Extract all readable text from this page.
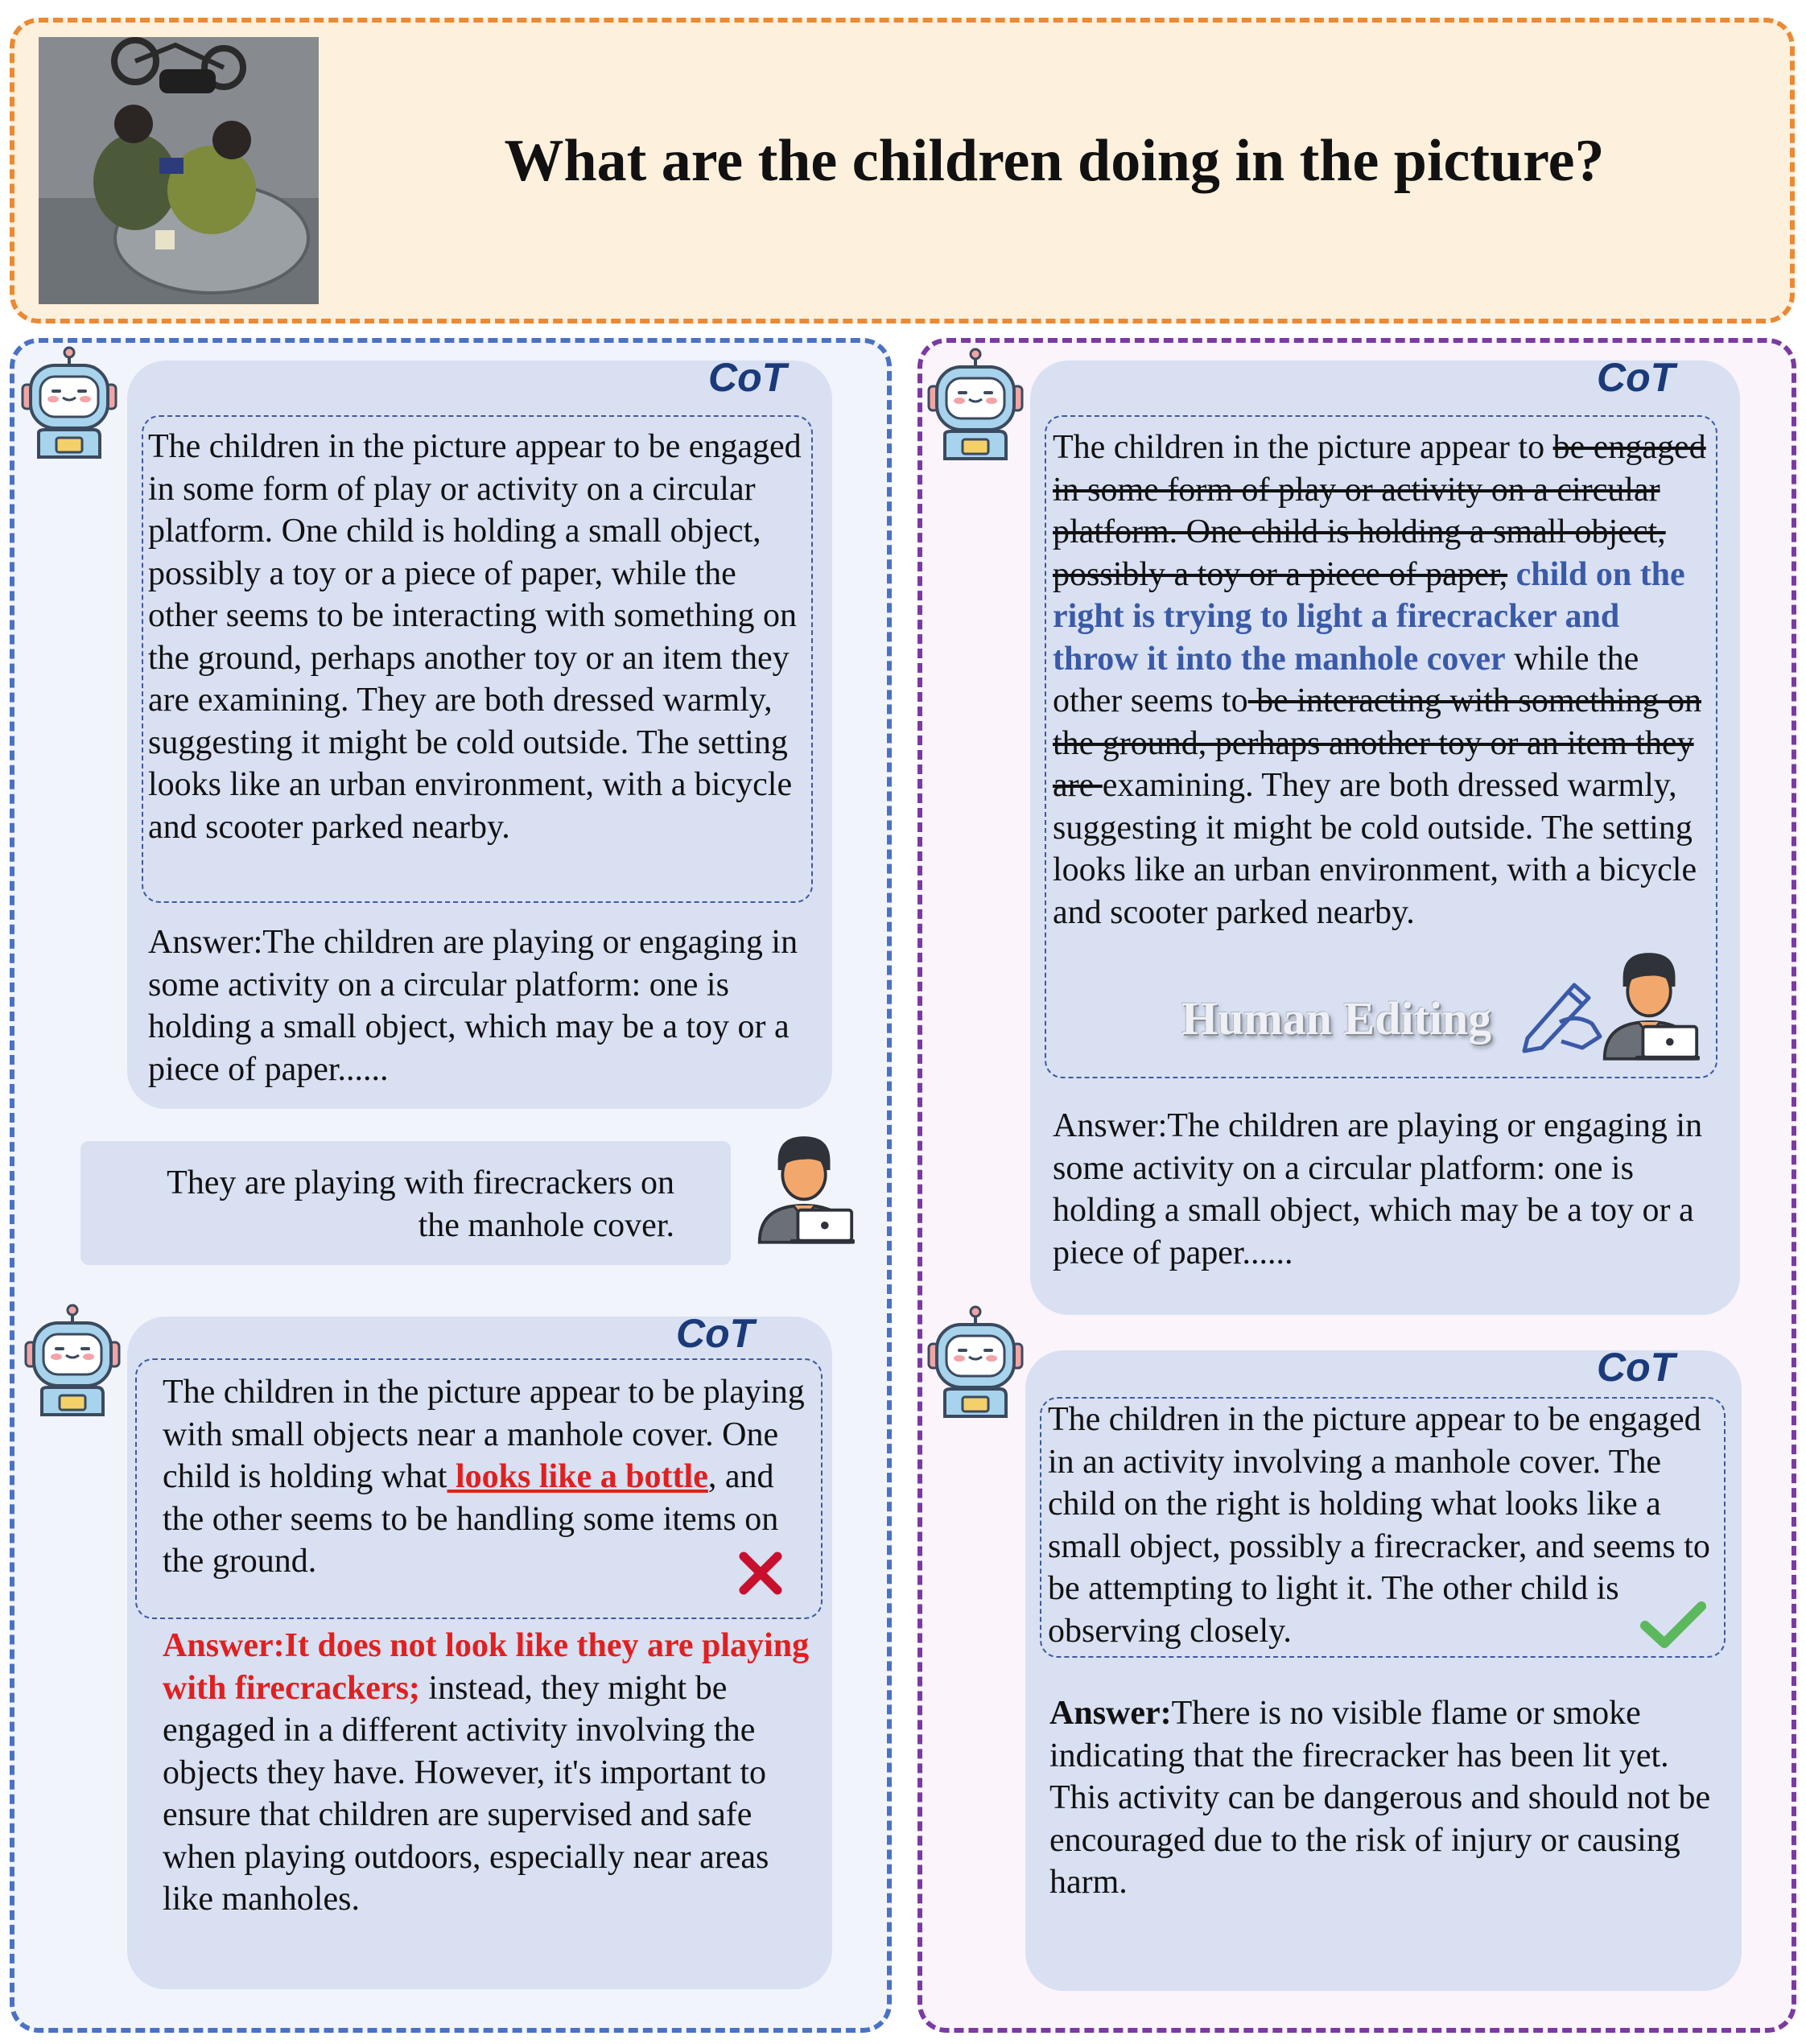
What are the children doing in the picture?
CoT
The children in the picture appear to be engaged in some form of play or activity on a circular platform. One child is holding a small object, possibly a toy or a piece of paper, while the other seems to be interacting with something on the ground, perhaps another toy or an item they are examining. They are both dressed warmly, suggesting it might be cold outside. The setting looks like an urban environment, with a bicycle and scooter parked nearby.
Answer:The children are playing or engaging in some activity on a circular platform: one is holding a small object, which may be a toy or a piece of paper......
They are playing with firecrackers on
the manhole cover.
CoT
The children in the picture appear to be playing with small objects near a manhole cover. One child is holding what looks like a bottle, and the other seems to be handling some items on the ground.
Answer:It does not look like they are playing with firecrackers; instead, they might be engaged in a different activity involving the objects they have. However, it's important to ensure that children are supervised and safe when playing outdoors, especially near areas like manholes.
CoT
The children in the picture appear to be engaged in some form of play or activity on a circular platform. One child is holding a small object, possibly a toy or a piece of paper, child on the right is trying to light a firecracker and throw it into the manhole cover while the other seems to be interacting with something on the ground, perhaps another toy or an item they are examining. They are both dressed warmly, suggesting it might be cold outside. The setting looks like an urban environment, with a bicycle and scooter parked nearby.
Human Editing
Answer:The children are playing or engaging in some activity on a circular platform: one is holding a small object, which may be a toy or a piece of paper......
CoT
The children in the picture appear to be engaged in an activity involving a manhole cover. The child on the right is holding what looks like a small object, possibly a firecracker, and seems to be attempting to light it. The other child is observing closely.
Answer:There is no visible flame or smoke indicating that the firecracker has been lit yet. This activity can be dangerous and should not be encouraged due to the risk of injury or causing harm.
